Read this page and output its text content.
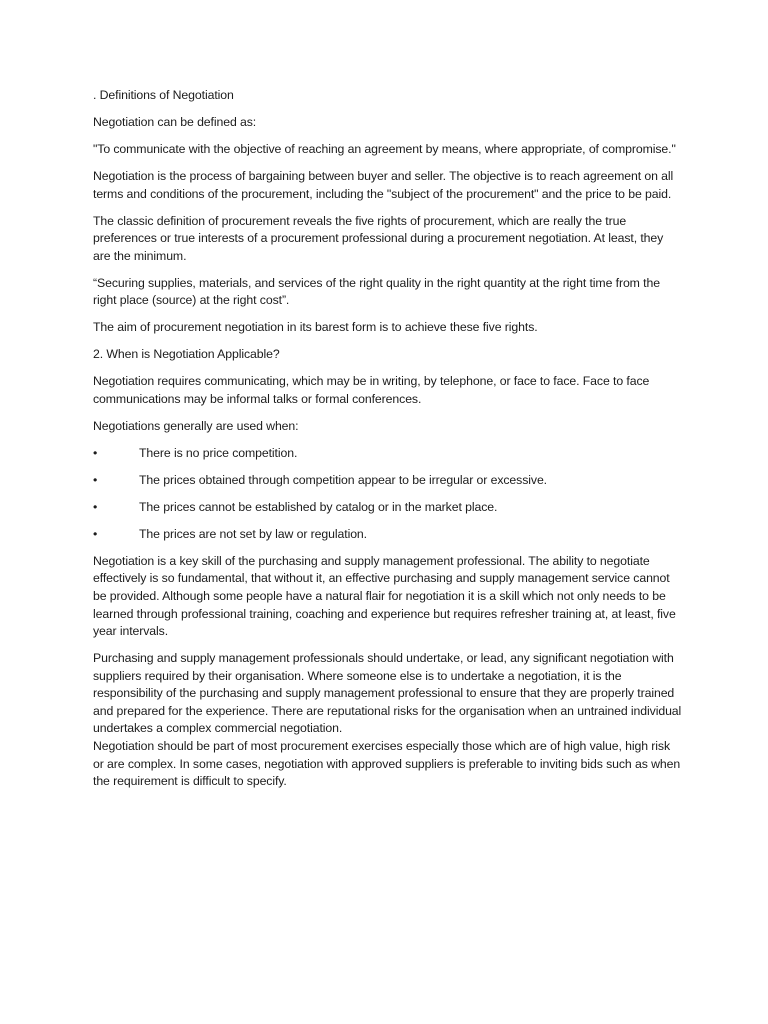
. Definitions of Negotiation

Negotiation can be defined as:

"To communicate with the objective of reaching an agreement by means, where appropriate, of compromise."

Negotiation is the process of bargaining between buyer and seller. The objective is to reach agreement on all terms and conditions of the procurement, including the "subject of the procurement" and the price to be paid.

The classic definition of procurement reveals the five rights of procurement, which are really the true preferences or true interests of a procurement professional during a procurement negotiation. At least, they are the minimum.

“Securing supplies, materials, and services of the right quality in the right quantity at the right time from the right place (source) at the right cost”.

The aim of procurement negotiation in its barest form is to achieve these five rights.

2. When is Negotiation Applicable?

Negotiation requires communicating, which may be in writing, by telephone, or face to face. Face to face communications may be informal talks or formal conferences.

Negotiations generally are used when:

•	There is no price competition.
•	The prices obtained through competition appear to be irregular or excessive.
•	The prices cannot be established by catalog or in the market place.
•	The prices are not set by law or regulation.

Negotiation is a key skill of the purchasing and supply management professional. The ability to negotiate effectively is so fundamental, that without it, an effective purchasing and supply management service cannot be provided. Although some people have a natural flair for negotiation it is a skill which not only needs to be learned through professional training, coaching and experience but requires refresher training at, at least, five year intervals.

Purchasing and supply management professionals should undertake, or lead, any significant negotiation with suppliers required by their organisation. Where someone else is to undertake a negotiation, it is the responsibility of the purchasing and supply management professional to ensure that they are properly trained and prepared for the experience. There are reputational risks for the organisation when an untrained individual undertakes a complex commercial negotiation.

Negotiation should be part of most procurement exercises especially those which are of high value, high risk or are complex. In some cases, negotiation with approved suppliers is preferable to inviting bids such as when the requirement is difficult to specify.
